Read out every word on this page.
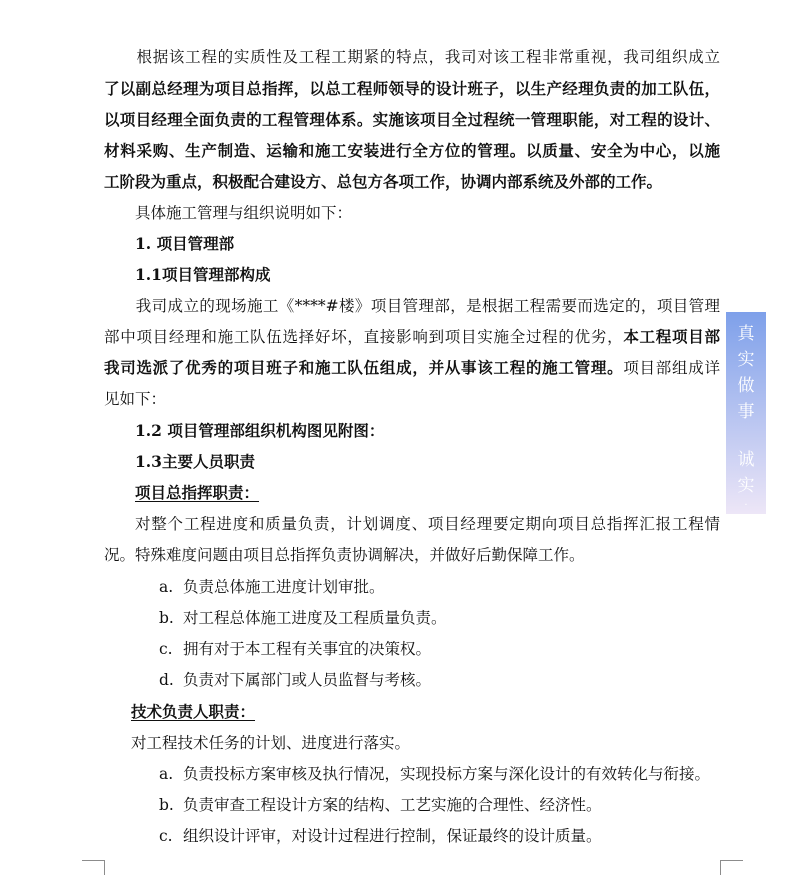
　　根据该工程的实质性及工程工期紧的特点，我司对该工程非常重视，我司组织成立
了以副总经理为项目总指挥，以总工程师领导的设计班子，以生产经理负责的加工队伍，
以项目经理全面负责的工程管理体系。实施该项目全过程统一管理职能，对工程的设计、
材料采购、生产制造、运输和施工安装进行全方位的管理。以质量、安全为中心，以施
工阶段为重点，积极配合建设方、总包方各项工作，协调内部系统及外部的工作。
　　具体施工管理与组织说明如下：
　　1. 项目管理部
　　1.1项目管理部构成
　　我司成立的现场施工《****#楼》项目管理部，是根据工程需要而选定的，项目管理
部中项目经理和施工队伍选择好坏，直接影响到项目实施全过程的优劣，本工程项目部
我司选派了优秀的项目班子和施工队伍组成，并从事该工程的施工管理。项目部组成详
见如下：
　　1.2 项目管理部组织机构图见附图：
　　1.3主要人员职责
项目总指挥职责：
对整个工程进度和质量负责，计划调度、项目经理要定期向项目总指挥汇报工程情
况。特殊难度问题由项目总指挥负责协调解决，并做好后勤保障工作。
a. 负责总体施工进度计划审批。
b. 对工程总体施工进度及工程质量负责。
c. 拥有对于本工程有关事宜的决策权。
d. 负责对下属部门或人员监督与考核。
技术负责人职责：
对工程技术任务的计划、进度进行落实。
a. 负责投标方案审核及执行情况，实现投标方案与深化设计的有效转化与衔接。
b. 负责审查工程设计方案的结构、工艺实施的合理性、经济性。
c. 组织设计评审，对设计过程进行控制，保证最终的设计质量。
真
实
做
事
诚
实
·
